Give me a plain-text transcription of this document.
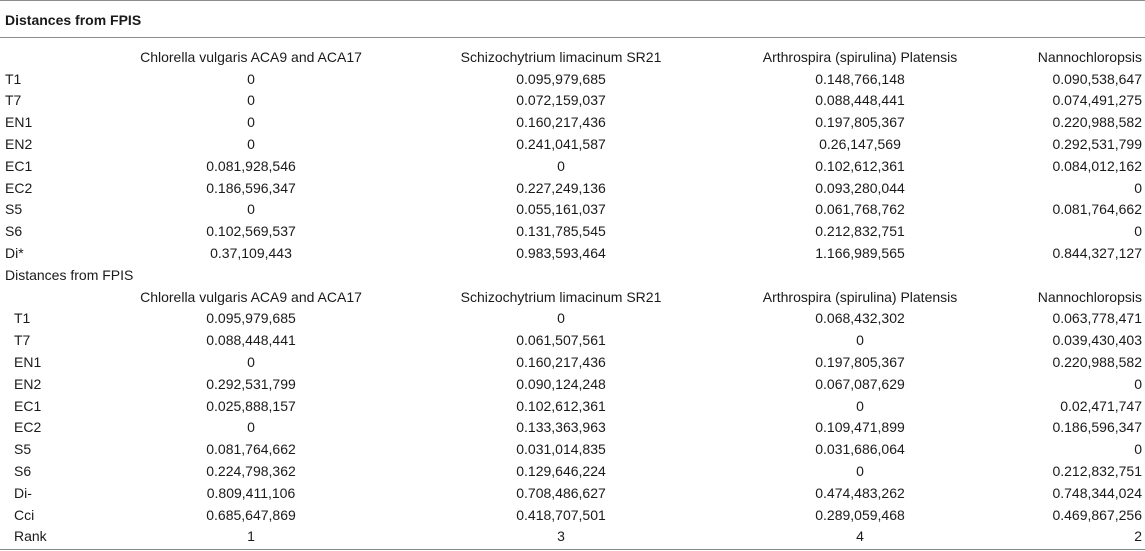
Distances from FPIS
	Chlorella vulgaris ACA9 and ACA17	Schizochytrium limacinum SR21	Arthrospira (spirulina) Platensis	Nannochloropsis
T1	0	0.095,979,685	0.148,766,148	0.090,538,647
T7	0	0.072,159,037	0.088,448,441	0.074,491,275
EN1	0	0.160,217,436	0.197,805,367	0.220,988,582
EN2	0	0.241,041,587	0.26,147,569	0.292,531,799
EC1	0.081,928,546	0	0.102,612,361	0.084,012,162
EC2	0.186,596,347	0.227,249,136	0.093,280,044	0
S5	0	0.055,161,037	0.061,768,762	0.081,764,662
S6	0.102,569,537	0.131,785,545	0.212,832,751	0
Di*	0.37,109,443	0.983,593,464	1.166,989,565	0.844,327,127
Distances from FPIS				
	Chlorella vulgaris ACA9 and ACA17	Schizochytrium limacinum SR21	Arthrospira (spirulina) Platensis	Nannochloropsis
T1	0.095,979,685	0	0.068,432,302	0.063,778,471
T7	0.088,448,441	0.061,507,561	0	0.039,430,403
EN1	0	0.160,217,436	0.197,805,367	0.220,988,582
EN2	0.292,531,799	0.090,124,248	0.067,087,629	0
EC1	0.025,888,157	0.102,612,361	0	0.02,471,747
EC2	0	0.133,363,963	0.109,471,899	0.186,596,347
S5	0.081,764,662	0.031,014,835	0.031,686,064	0
S6	0.224,798,362	0.129,646,224	0	0.212,832,751
Di-	0.809,411,106	0.708,486,627	0.474,483,262	0.748,344,024
Cci	0.685,647,869	0.418,707,501	0.289,059,468	0.469,867,256
Rank	1	3	4	2
